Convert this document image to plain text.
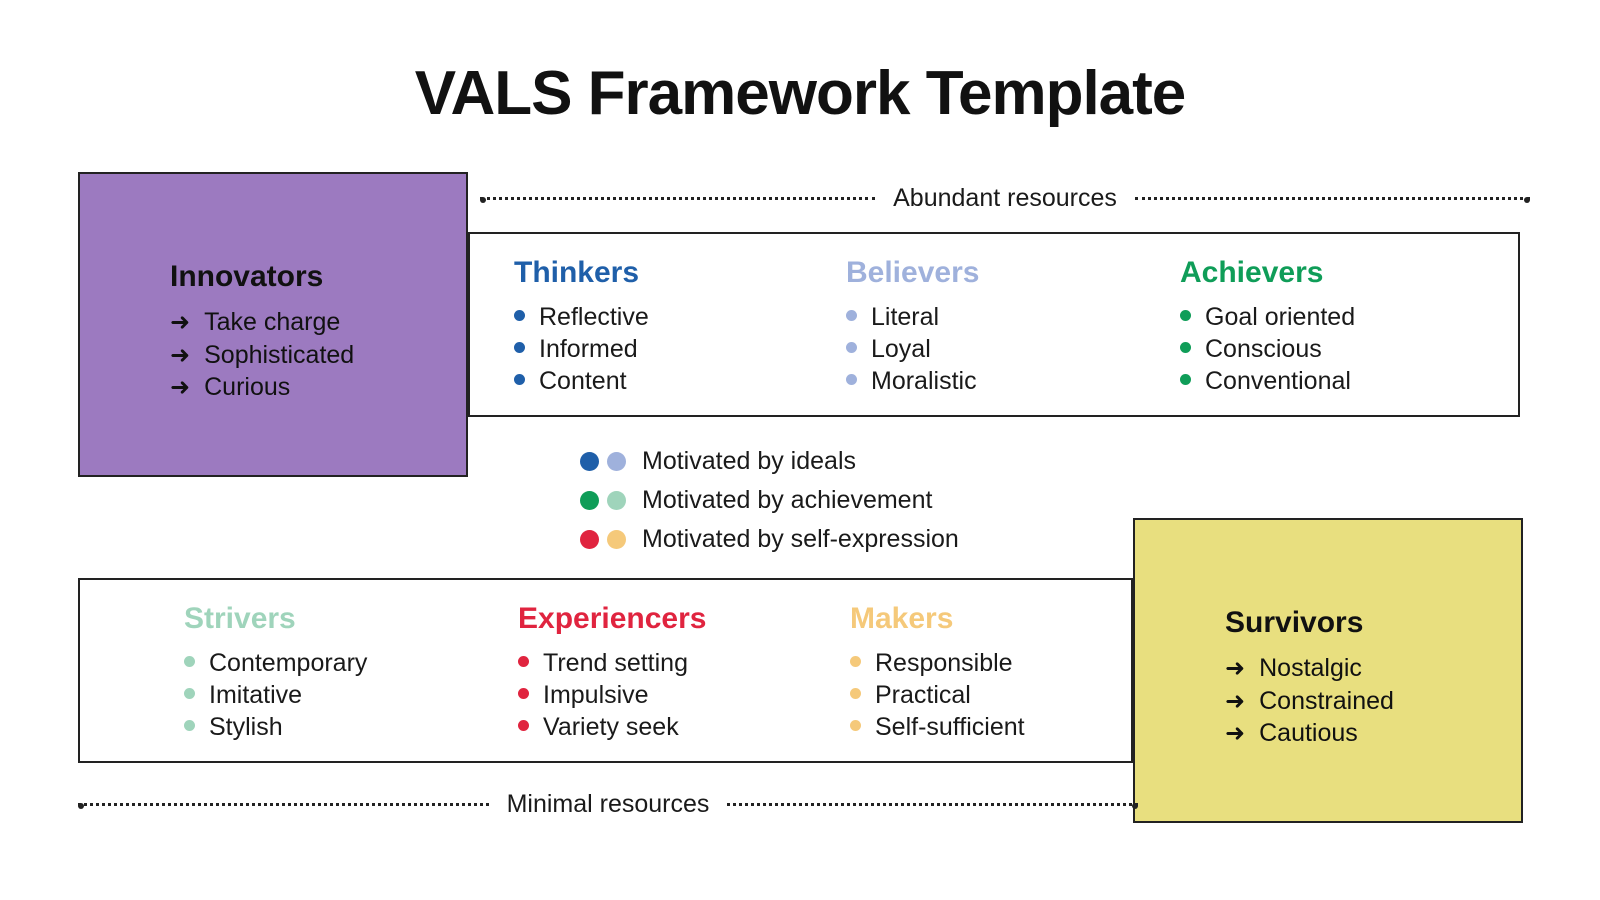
VALS Framework Template
Abundant resources
Thinkers
Reflective
Informed
Content
Believers
Literal
Loyal
Moralistic
Achievers
Goal oriented
Conscious
Conventional
Strivers
Contemporary
Imitative
Stylish
Experiencers
Trend setting
Impulsive
Variety seek
Makers
Responsible
Practical
Self-sufficient
Motivated by ideals
Motivated by achievement
Motivated by self-expression
Innovators
➜ Take charge
➜ Sophisticated
➜ Curious
Survivors
➜ Nostalgic
➜ Constrained
➜ Cautious
Minimal resources
